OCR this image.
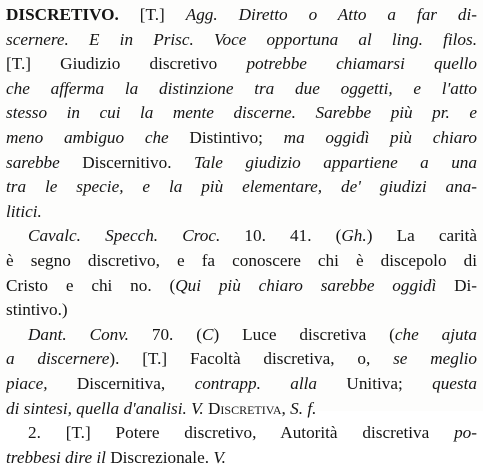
DISCRETIVO. [T.] Agg. Diretto o Atto a far di-
scernere. E in Prisc. Voce opportuna al ling. filos.
[T.] Giudizio discretivo potrebbe chiamarsi quello
che afferma la distinzione tra due oggetti, e l'atto
stesso in cui la mente discerne. Sarebbe più pr. e
meno ambiguo che Distintivo; ma oggidì più chiaro
sarebbe Discernitivo. Tale giudizio appartiene a una
tra le specie, e la più elementare, de' giudizi ana-
litici.
Cavalc. Specch. Croc. 10. 41. (Gh.) La carità
è segno discretivo, e fa conoscere chi è discepolo di
Cristo e chi no. (Qui più chiaro sarebbe oggidì Di-
stintivo.)
Dant. Conv. 70. (C) Luce discretiva (che ajuta
a discernere). [T.] Facoltà discretiva, o, se meglio
piace, Discernitiva, contrapp. alla Unitiva; questa
di sintesi, quella d'analisi. V. Discretiva, S. f.
2. [T.] Potere discretivo, Autorità discretiva po-
trebbesi dire il Discrezionale. V.
